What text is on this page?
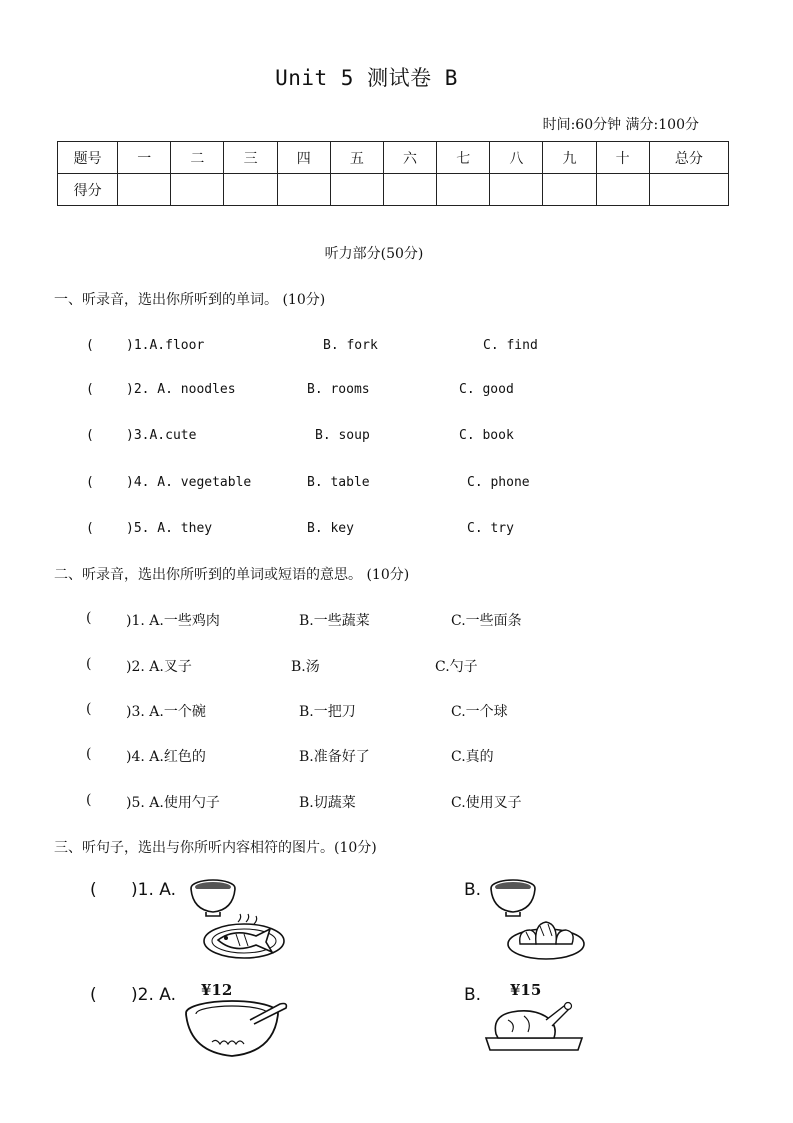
Unit 5 测试卷 B
时间:60分钟 满分:100分
题号	一	二	三	四	五	六	七	八	九	十	总分
得分											
听力部分(50分)
一、听录音，选出你所听到的单词。 (10分)
( )1.A.floor	B. fork	C. find
( )2. A. noodles	B. rooms	C. good
( )3.A.cute	B. soup	C. book
( )4. A. vegetable	B. table	C. phone
( )5. A. they	B. key	C. try
二、听录音，选出你所听到的单词或短语的意思。 (10分)
( )1. A.一些鸡肉	B.一些蔬菜	C.一些面条
( )2. A.叉子	B.汤	C.勺子
( )3. A.一个碗	B.一把刀	C.一个球
( )4. A.红色的	B.准备好了	C.真的
( )5. A.使用勺子	B.切蔬菜	C.使用叉子
三、听句子，选出与你所听内容相符的图片。(10分)
( )1. A.	B.
( )2. A.	B.
¥12	¥15
